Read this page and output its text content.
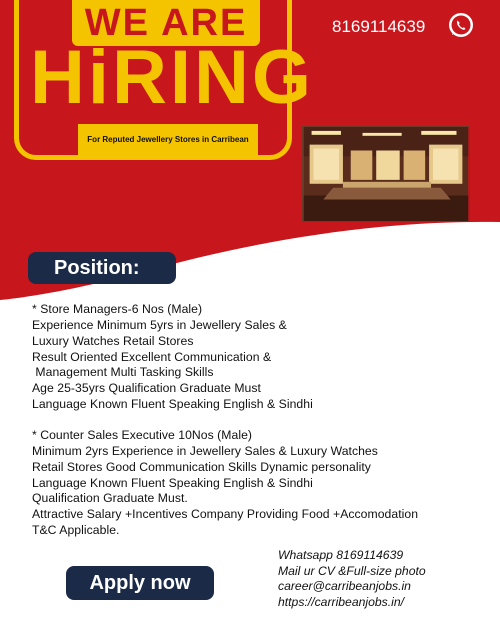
WE ARE
HiRING
For Reputed Jewellery Stores in Carribean
8169114639
Position:
* Store Managers-6 Nos (Male)
Experience Minimum 5yrs in Jewellery Sales &
Luxury Watches Retail Stores
Result Oriented Excellent Communication &
Management Multi Tasking Skills
Age 25-35yrs Qualification Graduate Must
Language Known Fluent Speaking English & Sindhi
* Counter Sales Executive 10Nos (Male)
Minimum 2yrs Experience in Jewellery Sales & Luxury Watches
Retail Stores Good Communication Skills Dynamic personality
Language Known Fluent Speaking English & Sindhi
Qualification Graduate Must.
Attractive Salary +Incentives Company Providing Food +Accomodation
T&C Applicable.
Apply now
Whatsapp 8169114639
Mail ur CV &Full-size photo
career@carribeanjobs.in
https://carribeanjobs.in/
